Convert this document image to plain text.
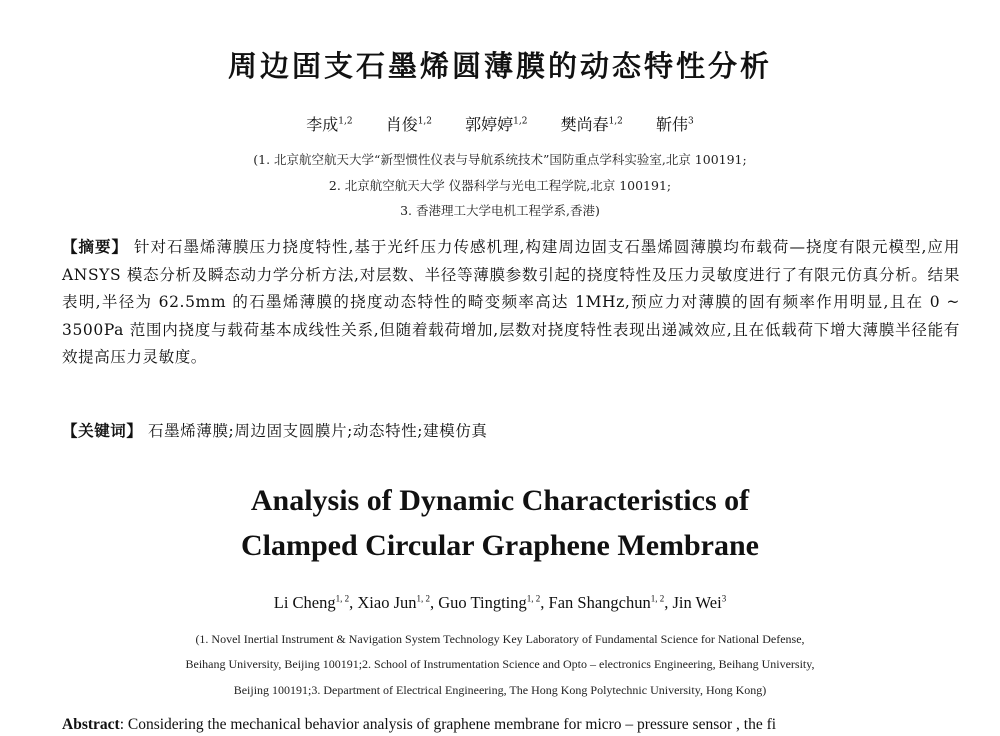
周边固支石墨烯圆薄膜的动态特性分析
李成$^{1,2}$ 肖俊$^{1,2}$ 郭婷婷$^{1,2}$ 樊尚春$^{1,2}$ 靳伟$^3$
(1. 北京航空航天大学“新型惯性仪表与导航系统技术”国防重点学科实验室,北京 100191;
2. 北京航空航天大学 仪器科学与光电工程学院,北京 100191;
3. 香港理工大学电机工程学系,香港)
【摘要】 针对石墨烯薄膜压力挠度特性,基于光纤压力传感机理,构建周边固支石墨烯圆薄膜均布载荷—挠度有限元模型,应用 ANSYS 模态分析及瞬态动力学分析方法,对层数、半径等薄膜参数引起的挠度特性及压力灵敏度进行了有限元仿真分析。结果表明,半径为 62.5mm 的石墨烯薄膜的挠度动态特性的畸变频率高达 1MHz,预应力对薄膜的固有频率作用明显,且在 0 ~ 3500Pa 范围内挠度与载荷基本成线性关系,但随着载荷增加,层数对挠度特性表现出递减效应,且在低载荷下增大薄膜半径能有效提高压力灵敏度。
【关键词】 石墨烯薄膜;周边固支圆膜片;动态特性;建模仿真
Analysis of Dynamic Characteristics of
Clamped Circular Graphene Membrane
Li Cheng$^{1, 2}$, Xiao Jun$^{1, 2}$, Guo Tingting$^{1, 2}$, Fan Shangchun$^{1, 2}$, Jin Wei$^3$
(1. Novel Inertial Instrument & Navigation System Technology Key Laboratory of Fundamental Science for National Defense,
Beihang University, Beijing 100191;2. School of Instrumentation Science and Opto – electronics Engineering, Beihang University,
Beijing 100191;3. Department of Electrical Engineering, The Hong Kong Polytechnic University, Hong Kong)
Abstract: Considering the mechanical behavior analysis of graphene membrane for micro – pressure sensor , the fi
